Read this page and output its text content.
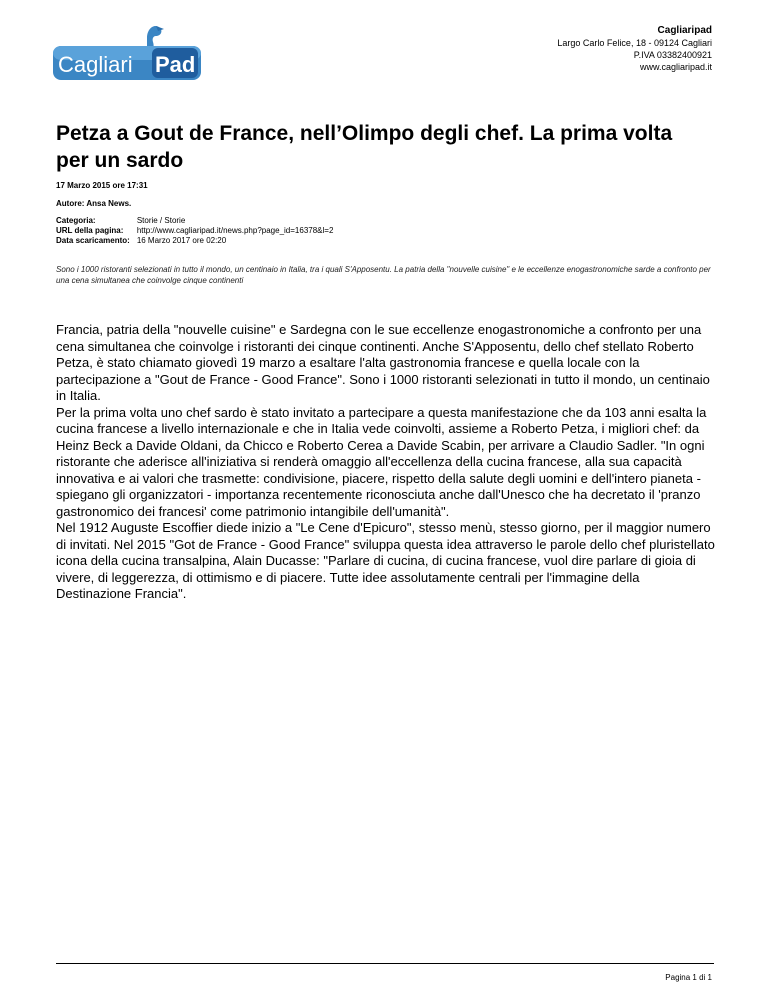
Cagliari Pad
Cagliaripad
Largo Carlo Felice, 18 - 09124 Cagliari
P.IVA 03382400921
www.cagliaripad.it
Petza a Gout de France, nell’Olimpo degli chef. La prima volta per un sardo
17 Marzo 2015 ore 17:31
Autore: Ansa News.
Categoria:	Storie / Storie
URL della pagina:	http://www.cagliaripad.it/news.php?page_id=16378&l=2
Data scaricamento:	16 Marzo 2017 ore 02:20
Sono i 1000 ristoranti selezionati in tutto il mondo, un centinaio in Italia, tra i quali S'Apposentu. La patria della "nouvelle cuisine" e le eccellenze enogastronomiche sarde a confronto per una cena simultanea che coinvolge cinque continenti

Francia, patria della "nouvelle cuisine" e Sardegna con le sue eccellenze enogastronomiche a confronto per una cena simultanea che coinvolge i ristoranti dei cinque continenti. Anche S'Apposentu, dello chef stellato Roberto Petza, è stato chiamato giovedì 19 marzo a esaltare l'alta gastronomia francese e quella locale con la partecipazione a "Gout de France - Good France". Sono i 1000 ristoranti selezionati in tutto il mondo, un centinaio in Italia.

Per la prima volta uno chef sardo è stato invitato a partecipare a questa manifestazione che da 103 anni esalta la cucina francese a livello internazionale e che in Italia vede coinvolti, assieme a Roberto Petza, i migliori chef: da Heinz Beck a Davide Oldani, da Chicco e Roberto Cerea a Davide Scabin, per arrivare a Claudio Sadler. "In ogni ristorante che aderisce all'iniziativa si renderà omaggio all'eccellenza della cucina francese, alla sua capacità innovativa e ai valori che trasmette: condivisione, piacere, rispetto della salute degli uomini e dell'intero pianeta - spiegano gli organizzatori - importanza recentemente riconosciuta anche dall'Unesco che ha decretato il 'pranzo gastronomico dei francesi' come patrimonio intangibile dell'umanità".

Nel 1912 Auguste Escoffier diede inizio a "Le Cene d'Epicuro", stesso menù, stesso giorno, per il maggior numero di invitati. Nel 2015 "Got de France - Good France" sviluppa questa idea attraverso le parole dello chef pluristellato icona della cucina transalpina, Alain Ducasse: "Parlare di cucina, di cucina francese, vuol dire parlare di gioia di vivere, di leggerezza, di ottimismo e di piacere. Tutte idee assolutamente centrali per l'immagine della Destinazione Francia".

Pagina 1 di 1
